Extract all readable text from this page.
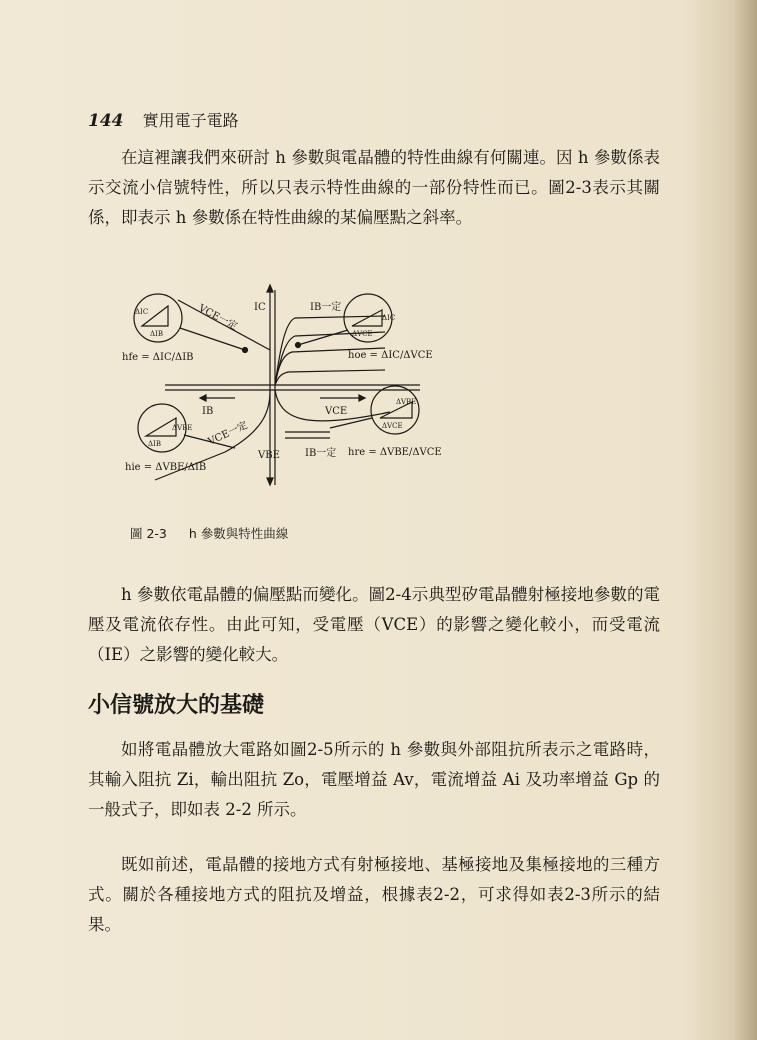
144 實用電子電路
在這裡讓我們來研討 h 參數與電晶體的特性曲線有何關連。因 h 參數係表示交流小信號特性，所以只表示特性曲線的一部份特性而已。圖2-3表示其關係，即表示 h 參數係在特性曲線的某偏壓點之斜率。
VCE一定	IB一定
IC
IB	VCE
VBE
VCE一定
IB一定
hfe = ΔIC/ΔIB	hoe = ΔIC/ΔVCE
hie = ΔVBE/ΔIB
hre = ΔVBE/ΔVCE
ΔIC
ΔIB
ΔIC
ΔVCE
ΔVBE
ΔIB
ΔVBE
ΔVCE
圖 2-3 h 參數與特性曲線
h 參數依電晶體的偏壓點而變化。圖2-4示典型矽電晶體射極接地參數的電壓及電流依存性。由此可知，受電壓（VCE）的影響之變化較小，而受電流（IE）之影響的變化較大。
小信號放大的基礎
如將電晶體放大電路如圖2-5所示的 h 參數與外部阻抗所表示之電路時，其輸入阻抗 Zi，輸出阻抗 Zo，電壓增益 Av，電流增益 Ai 及功率增益 Gp 的一般式子，即如表 2-2 所示。
既如前述，電晶體的接地方式有射極接地、基極接地及集極接地的三種方式。關於各種接地方式的阻抗及增益，根據表2-2，可求得如表2-3所示的結果。
